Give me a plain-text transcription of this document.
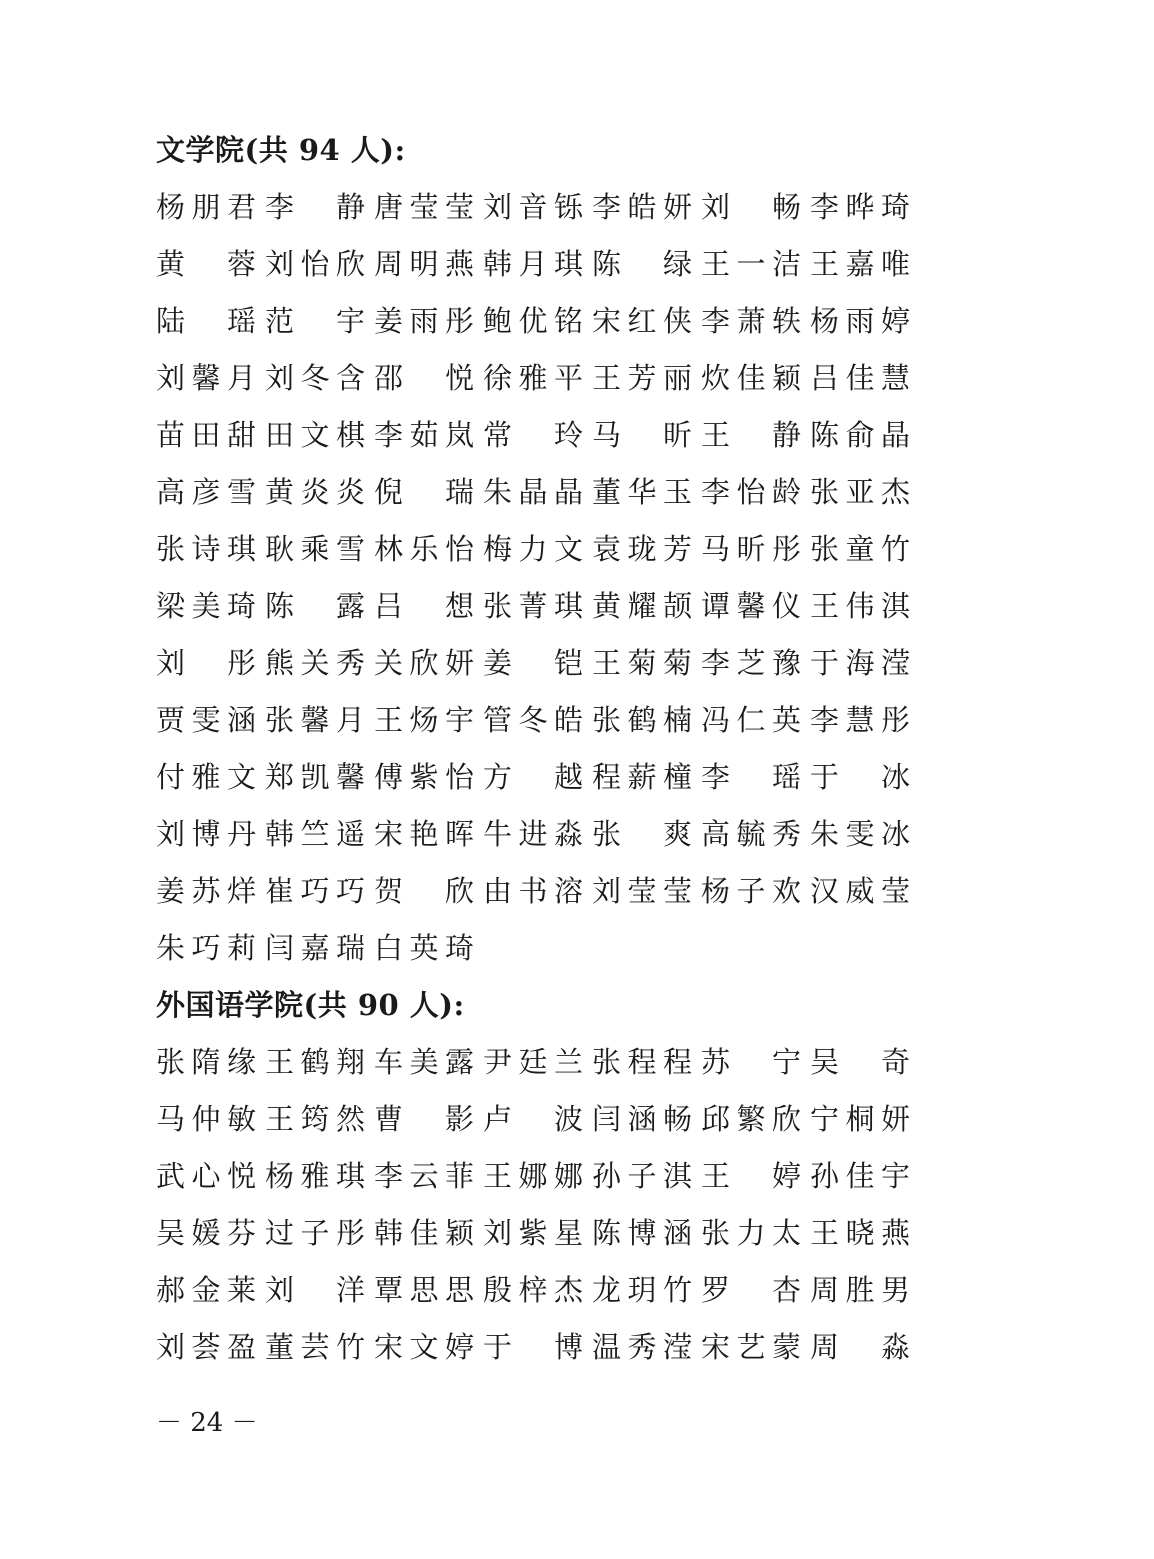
文学院(共 94 人):
杨 朋 君 李 静 唐 莹 莹 刘 音 铄 李 皓 妍 刘 畅 李 晔 琦
黄 蓉 刘 怡 欣 周 明 燕 韩 月 琪 陈 绿 王 一 洁 王 嘉 唯
陆 瑶 范 宇 姜 雨 彤 鲍 优 铭 宋 红 侠 李 萧 轶 杨 雨 婷
刘 馨 月 刘 冬 含 邵 悦 徐 雅 平 王 芳 丽 炊 佳 颖 吕 佳 慧
苗 田 甜 田 文 棋 李 茹 岚 常 玲 马 昕 王 静 陈 俞 晶
高 彦 雪 黄 炎 炎 倪 瑞 朱 晶 晶 董 华 玉 李 怡 龄 张 亚 杰
张 诗 琪 耿 乘 雪 林 乐 怡 梅 力 文 袁 珑 芳 马 昕 彤 张 童 竹
梁 美 琦 陈 露 吕 想 张 菁 琪 黄 耀 颉 谭 馨 仪 王 伟 淇
刘 彤 熊 关 秀 关 欣 妍 姜 铠 王 菊 菊 李 芝 豫 于 海 滢
贾 雯 涵 张 馨 月 王 炀 宇 管 冬 皓 张 鹤 楠 冯 仁 英 李 慧 彤
付 雅 文 郑 凯 馨 傅 紫 怡 方 越 程 薪 橦 李 瑶 于 冰
刘 博 丹 韩 竺 遥 宋 艳 晖 牛 进 淼 张 爽 高 毓 秀 朱 雯 冰
姜 苏 烊 崔 巧 巧 贺 欣 由 书 溶 刘 莹 莹 杨 子 欢 汉 威 莹
朱 巧 莉 闫 嘉 瑞 白 英 琦
外国语学院(共 90 人):
张 隋 缘 王 鹤 翔 车 美 露 尹 廷 兰 张 程 程 苏 宁 吴 奇
马 仲 敏 王 筠 然 曹 影 卢 波 闫 涵 畅 邱 繁 欣 宁 桐 妍
武 心 悦 杨 雅 琪 李 云 菲 王 娜 娜 孙 子 淇 王 婷 孙 佳 宇
吴 媛 芬 过 子 彤 韩 佳 颖 刘 紫 星 陈 博 涵 张 力 太 王 晓 燕
郝 金 莱 刘 洋 覃 思 思 殷 梓 杰 龙 玥 竹 罗 杏 周 胜 男
刘 荟 盈 董 芸 竹 宋 文 婷 于 博 温 秀 滢 宋 艺 蒙 周 淼
－ 24 －
